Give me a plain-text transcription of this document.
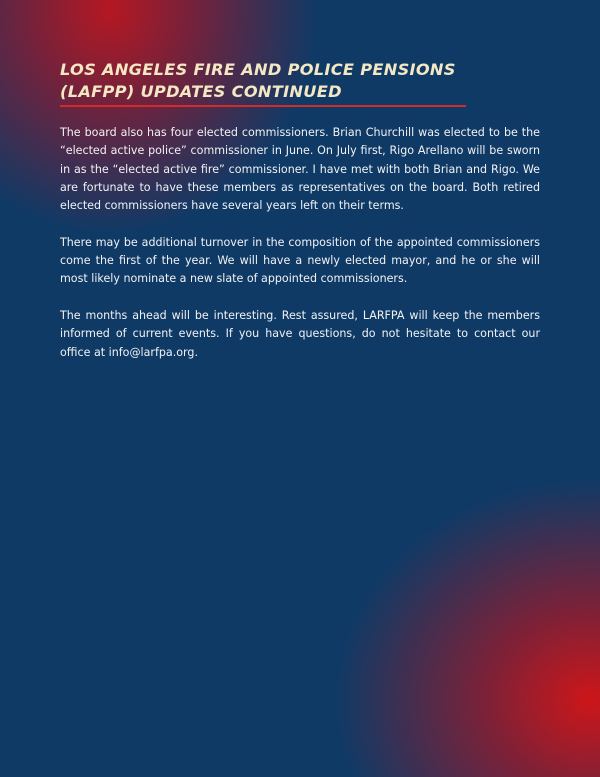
LOS ANGELES FIRE AND POLICE PENSIONS
(LAFPP) UPDATES CONTINUED

The board also has four elected commissioners. Brian Churchill was elected to be the “elected active police” commissioner in June. On July first, Rigo Arellano will be sworn in as the “elected active fire” commissioner. I have met with both Brian and Rigo. We are fortunate to have these members as representatives on the board. Both retired elected commissioners have several years left on their terms.

There may be additional turnover in the composition of the appointed commissioners come the first of the year. We will have a newly elected mayor, and he or she will most likely nominate a new slate of appointed commissioners.

The months ahead will be interesting. Rest assured, LARFPA will keep the members informed of current events. If you have questions, do not hesitate to contact our office at info@larfpa.org.
